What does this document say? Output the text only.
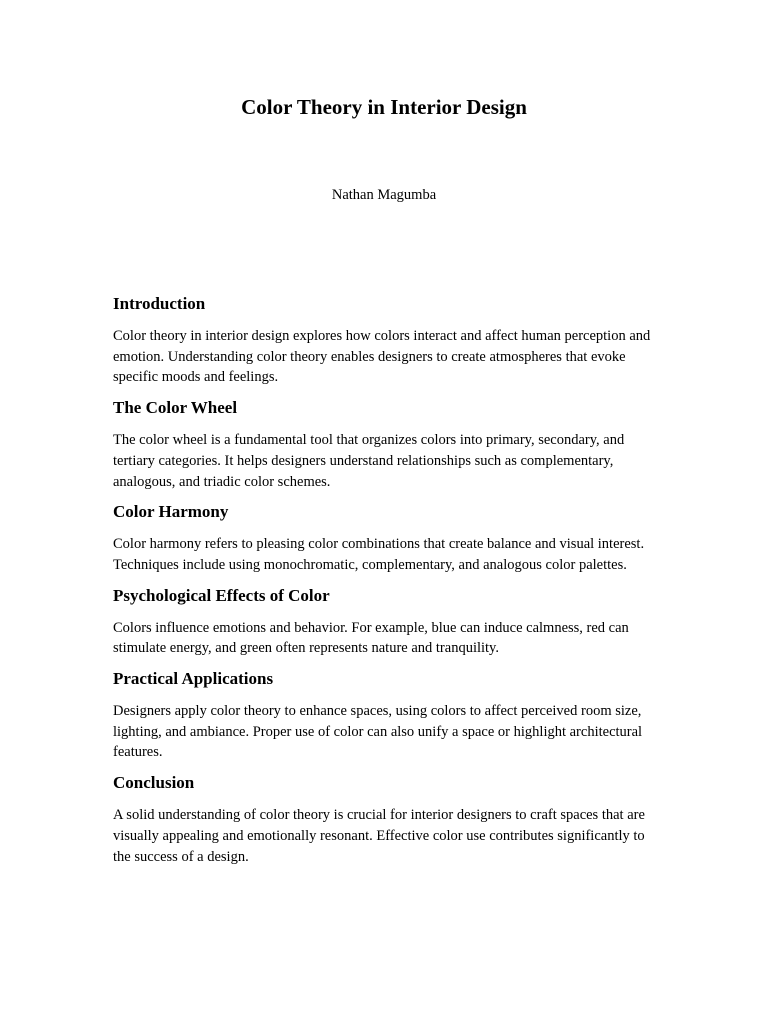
Color Theory in Interior Design
Nathan Magumba
Introduction

Color theory in interior design explores how colors interact and affect human perception and emotion. Understanding color theory enables designers to create atmospheres that evoke specific moods and feelings.

The Color Wheel

The color wheel is a fundamental tool that organizes colors into primary, secondary, and tertiary categories. It helps designers understand relationships such as complementary, analogous, and triadic color schemes.

Color Harmony

Color harmony refers to pleasing color combinations that create balance and visual interest. Techniques include using monochromatic, complementary, and analogous color palettes.

Psychological Effects of Color

Colors influence emotions and behavior. For example, blue can induce calmness, red can stimulate energy, and green often represents nature and tranquility.

Practical Applications

Designers apply color theory to enhance spaces, using colors to affect perceived room size, lighting, and ambiance. Proper use of color can also unify a space or highlight architectural features.

Conclusion

A solid understanding of color theory is crucial for interior designers to craft spaces that are visually appealing and emotionally resonant. Effective color use contributes significantly to the success of a design.
